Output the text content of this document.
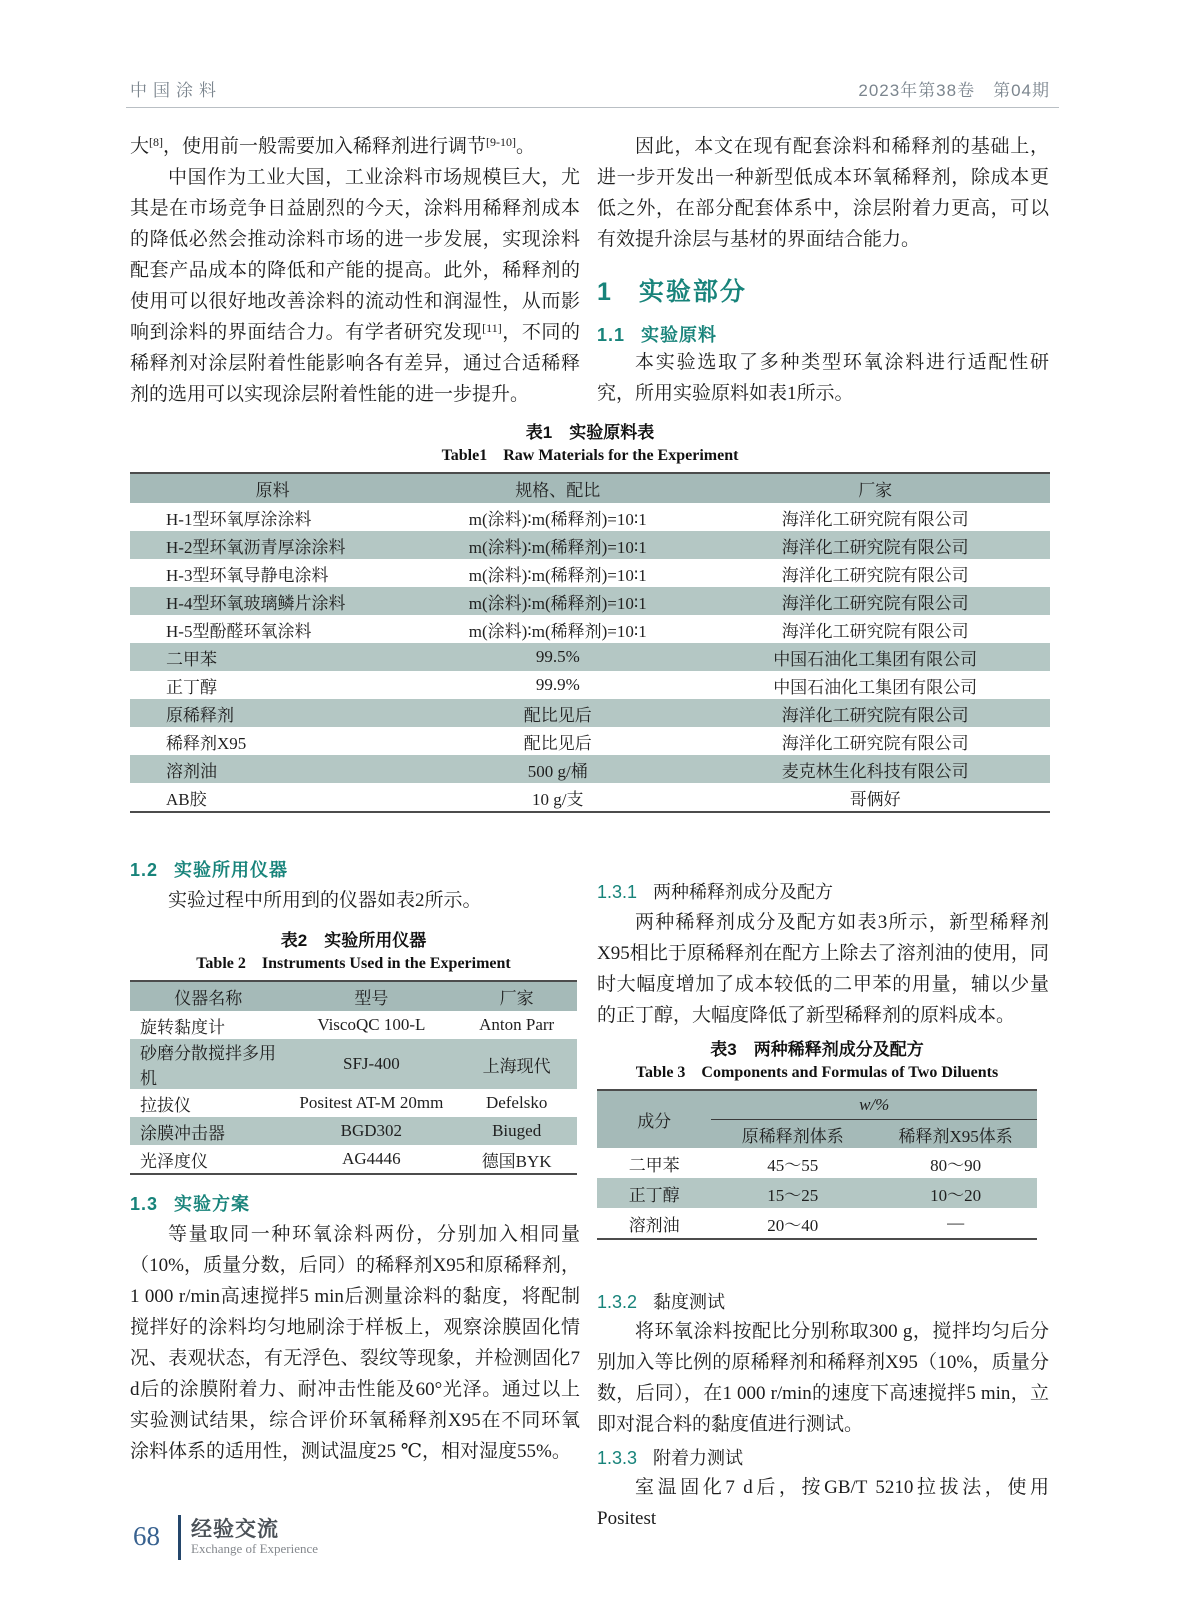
中国涂料	2023年第38卷　第04期

大[8]，使用前一般需要加入稀释剂进行调节[9-10]。

中国作为工业大国，工业涂料市场规模巨大，尤其是在市场竞争日益剧烈的今天，涂料用稀释剂成本的降低必然会推动涂料市场的进一步发展，实现涂料配套产品成本的降低和产能的提高。此外，稀释剂的使用可以很好地改善涂料的流动性和润湿性，从而影响到涂料的界面结合力。有学者研究发现[11]，不同的稀释剂对涂层附着性能影响各有差异，通过合适稀释剂的选用可以实现涂层附着性能的进一步提升。

因此，本文在现有配套涂料和稀释剂的基础上，进一步开发出一种新型低成本环氧稀释剂，除成本更低之外，在部分配套体系中，涂层附着力更高，可以有效提升涂层与基材的界面结合能力。

1 实验部分
1.1 实验原料

本实验选取了多种类型环氧涂料进行适配性研究，所用实验原料如表1所示。

表1　实验原料表
Table1　Raw Materials for the Experiment
原料	规格、配比	厂家
H-1型环氧厚涂涂料	m(涂料)∶m(稀释剂)=10∶1	海洋化工研究院有限公司
H-2型环氧沥青厚涂涂料	m(涂料)∶m(稀释剂)=10∶1	海洋化工研究院有限公司
H-3型环氧导静电涂料	m(涂料)∶m(稀释剂)=10∶1	海洋化工研究院有限公司
H-4型环氧玻璃鳞片涂料	m(涂料)∶m(稀释剂)=10∶1	海洋化工研究院有限公司
H-5型酚醛环氧涂料	m(涂料)∶m(稀释剂)=10∶1	海洋化工研究院有限公司
二甲苯	99.5%	中国石油化工集团有限公司
正丁醇	99.9%	中国石油化工集团有限公司
原稀释剂	配比见后	海洋化工研究院有限公司
稀释剂X95	配比见后	海洋化工研究院有限公司
溶剂油	500 g/桶	麦克林生化科技有限公司
AB胶	10 g/支	哥俩好
1.2 实验所用仪器

实验过程中所用到的仪器如表2所示。

表2　实验所用仪器
Table 2　Instruments Used in the Experiment
仪器名称	型号	厂家
旋转黏度计	ViscoQC 100-L	Anton Parr
砂磨分散搅拌多用机	SFJ-400	上海现代
拉拔仪	Positest AT-M 20mm	Defelsko
涂膜冲击器	BGD302	Biuged
光泽度仪	AG4446	德国BYK
1.3 实验方案

等量取同一种环氧涂料两份，分别加入相同量（10%，质量分数，后同）的稀释剂X95和原稀释剂，1 000 r/min高速搅拌5 min后测量涂料的黏度，将配制搅拌好的涂料均匀地刷涂于样板上，观察涂膜固化情况、表观状态，有无浮色、裂纹等现象，并检测固化7 d后的涂膜附着力、耐冲击性能及60°光泽。通过以上实验测试结果，综合评价环氧稀释剂X95在不同环氧涂料体系的适用性，测试温度25 ℃，相对湿度55%。

1.3.1 两种稀释剂成分及配方

两种稀释剂成分及配方如表3所示，新型稀释剂X95相比于原稀释剂在配方上除去了溶剂油的使用，同时大幅度增加了成本较低的二甲苯的用量，辅以少量的正丁醇，大幅度降低了新型稀释剂的原料成本。

表3　两种稀释剂成分及配方
Table 3　Components and Formulas of Two Diluents
成分	w/%	
	原稀释剂体系	稀释剂X95体系
二甲苯	45～55	80～90
正丁醇	15～25	10～20
溶剂油	20～40	—
1.3.2 黏度测试

将环氧涂料按配比分别称取300 g，搅拌均匀后分别加入等比例的原稀释剂和稀释剂X95（10%，质量分数，后同），在1 000 r/min的速度下高速搅拌5 min，立即对混合料的黏度值进行测试。

1.3.3 附着力测试

室温固化7 d后，按GB/T 5210拉拔法，使用Positest

68 经验交流
Exchange of Experience
